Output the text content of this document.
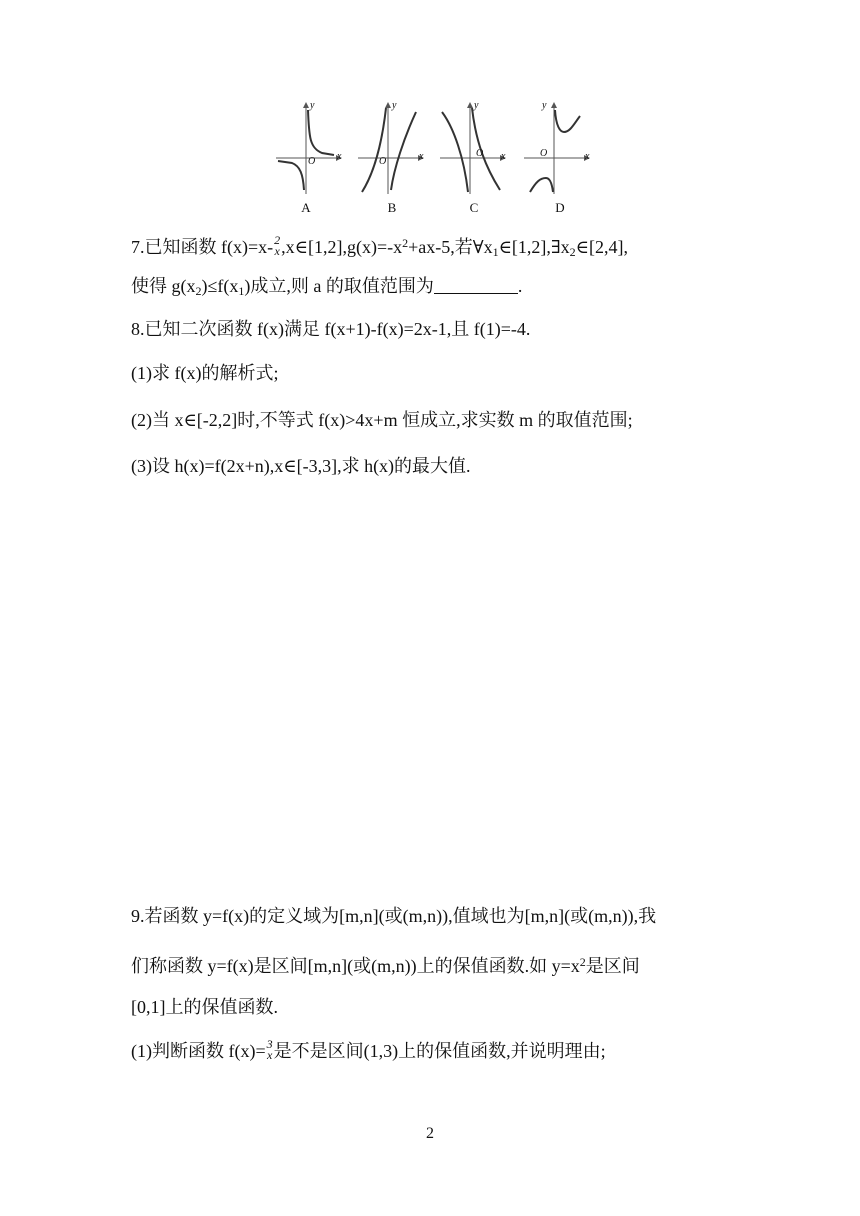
y
x
O
A
y
x
O
B
y
x
O
C
y
x
O
D
7.已知函数 f(x)=x- 2
x $,x\in[1,2],g(x)=-x^2+ax-5$,若$\forall x_1\in[1,2],\exists x_2\in[2,4]$,
使得 $g(x_2)\le f(x_1)$成立,则 a 的取值范围为	.
8.已知二次函数 f(x)满足 f(x+1)-f(x)=2x-1,且 f(1)=-4.
(1)求 f(x)的解析式;
(2)当 x∈[-2,2]时,不等式 f(x)>4x+m 恒成立,求实数 m 的取值范围;
(3)设 h(x)=f(2x+n),x∈[-3,3],求 h(x)的最大值.
9.若函数 y=f(x)的定义域为[m,n](或(m,n)),值域也为[m,n](或(m,n)),我
们称函数 y=f(x)是区间[m,n](或(m,n))上的保值函数.如 $y=x^2$是区间
[0,1]上的保值函数.
(1)判断函数 f(x)= 3
x 是不是区间(1,3)上的保值函数,并说明理由;
2
